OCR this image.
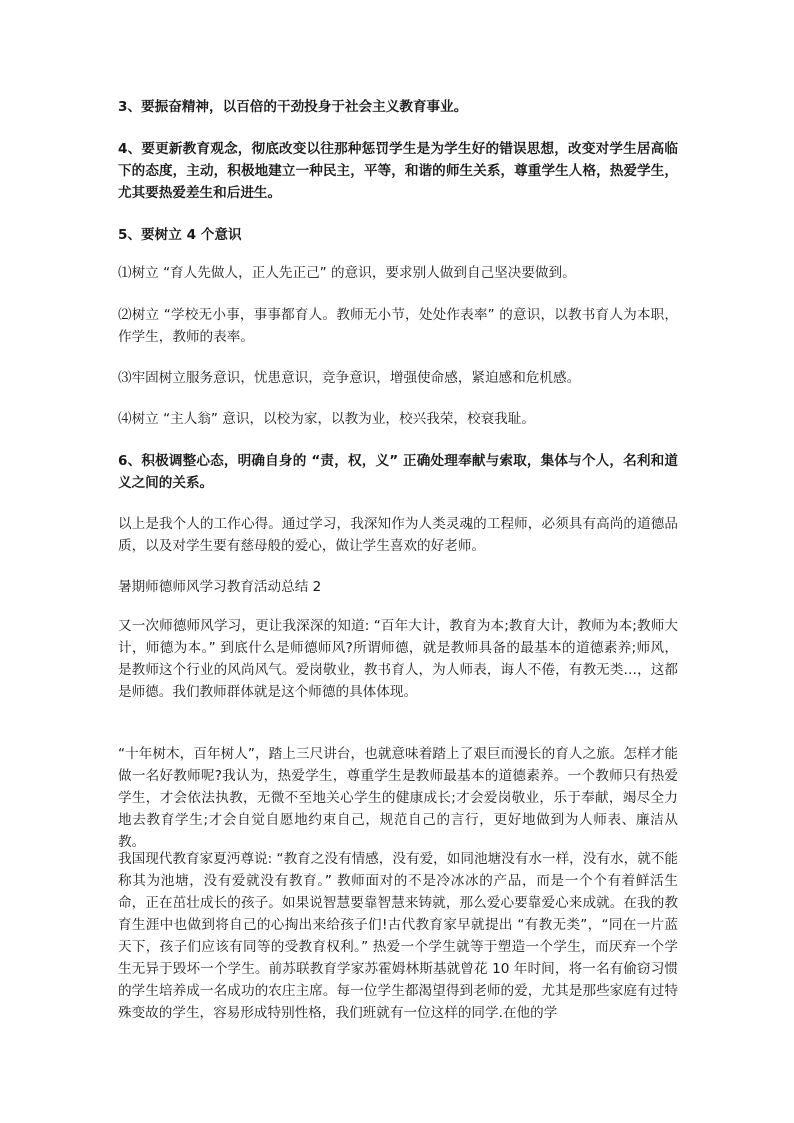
3、要振奋精神，以百倍的干劲投身于社会主义教育事业。

4、要更新教育观念，彻底改变以往那种惩罚学生是为学生好的错误思想，改变对学生居高临下的态度，主动，积极地建立一种民主，平等，和谐的师生关系，尊重学生人格，热爱学生，尤其要热爱差生和后进生。

5、要树立 4 个意识

⑴树立 “育人先做人，正人先正己” 的意识，要求别人做到自己坚决要做到。

⑵树立 “学校无小事，事事都育人。教师无小节，处处作表率” 的意识，以教书育人为本职，作学生，教师的表率。

⑶牢固树立服务意识，忧患意识，竞争意识，增强使命感，紧迫感和危机感。

⑷树立 “主人翁” 意识，以校为家，以教为业，校兴我荣，校衰我耻。

6、积极调整心态，明确自身的 “责，权，义” 正确处理奉献与索取，集体与个人，名利和道义之间的关系。

以上是我个人的工作心得。通过学习，我深知作为人类灵魂的工程师，必须具有高尚的道德品质，以及对学生要有慈母般的爱心，做让学生喜欢的好老师。

暑期师德师风学习教育活动总结 2

又一次师德师风学习，更让我深深的知道: “百年大计，教育为本;教育大计，教师为本;教师大计，师德为本。” 到底什么是师德师风?所谓师德，就是教师具备的最基本的道德素养;师风，是教师这个行业的风尚风气。爱岗敬业，教书育人，为人师表，诲人不倦，有教无类…，这都是师德。我们教师群体就是这个师德的具体体现。

“十年树木，百年树人”，踏上三尺讲台，也就意味着踏上了艰巨而漫长的育人之旅。怎样才能做一名好教师呢?我认为，热爱学生，尊重学生是教师最基本的道德素养。一个教师只有热爱学生，才会依法执教，无微不至地关心学生的健康成长;才会爱岗敬业，乐于奉献，竭尽全力地去教育学生;才会自觉自愿地约束自己，规范自己的言行，更好地做到为人师表、廉洁从教。

我国现代教育家夏沔尊说: “教育之没有情感，没有爱，如同池塘没有水一样，没有水，就不能称其为池塘，没有爱就没有教育。” 教师面对的不是冷冰冰的产品，而是一个个有着鲜活生命，正在茁壮成长的孩子。如果说智慧要靠智慧来铸就，那么爱心要靠爱心来成就。在我的教育生涯中也做到将自己的心掏出来给孩子们!古代教育家早就提出 “有教无类”，“同在一片蓝天下，孩子们应该有同等的受教育权利。” 热爱一个学生就等于塑造一个学生，而厌弃一个学生无异于毁坏一个学生。前苏联教育学家苏霍姆林斯基就曾花 10 年时间，将一名有偷窃习惯的学生培养成一名成功的农庄主席。每一位学生都渴望得到老师的爱，尤其是那些家庭有过特殊变故的学生，容易形成特别性格，我们班就有一位这样的同学.在他的学
